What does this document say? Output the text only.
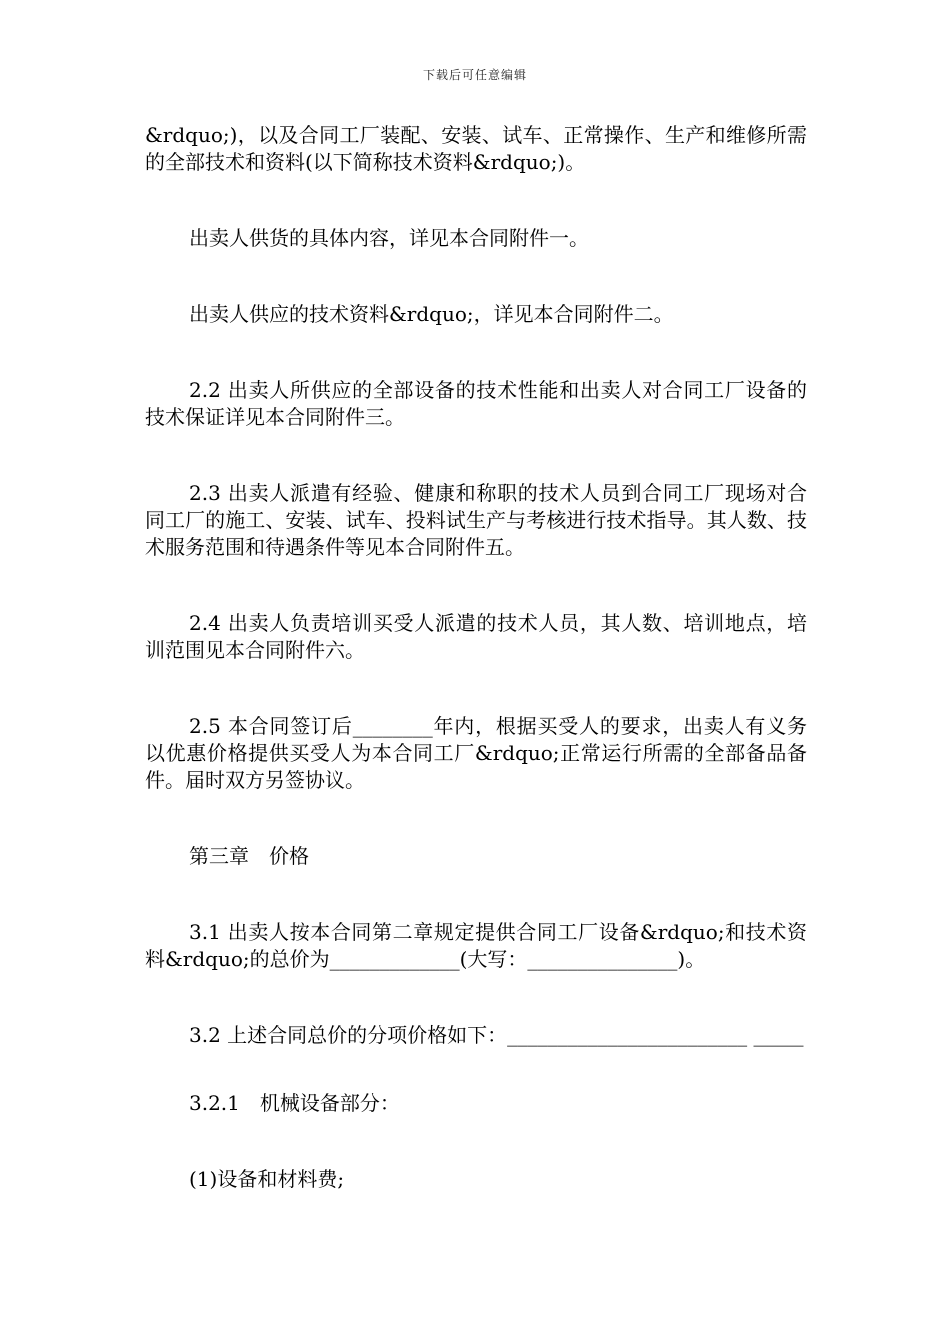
下载后可任意编辑

&rdquo;)，以及合同工厂装配、安装、试车、正常操作、生产和维修所需的全部技术和资料(以下简称技术资料&rdquo;)。

出卖人供货的具体内容，详见本合同附件一。

出卖人供应的技术资料&rdquo;，详见本合同附件二。

2.2 出卖人所供应的全部设备的技术性能和出卖人对合同工厂设备的技术保证详见本合同附件三。

2.3 出卖人派遣有经验、健康和称职的技术人员到合同工厂现场对合同工厂的施工、安装、试车、投料试生产与考核进行技术指导。其人数、技术服务范围和待遇条件等见本合同附件五。

2.4 出卖人负责培训买受人派遣的技术人员，其人数、培训地点，培训范围见本合同附件六。

2.5 本合同签订后________年内，根据买受人的要求，出卖人有义务以优惠价格提供买受人为本合同工厂&rdquo;正常运行所需的全部备品备件。届时双方另签协议。

第三章　价格

3.1 出卖人按本合同第二章规定提供合同工厂设备&rdquo;和技术资料&rdquo;的总价为_____________(大写：_______________)。

3.2 上述合同总价的分项价格如下：________________________ _____

3.2.1　机械设备部分：

(1)设备和材料费;
